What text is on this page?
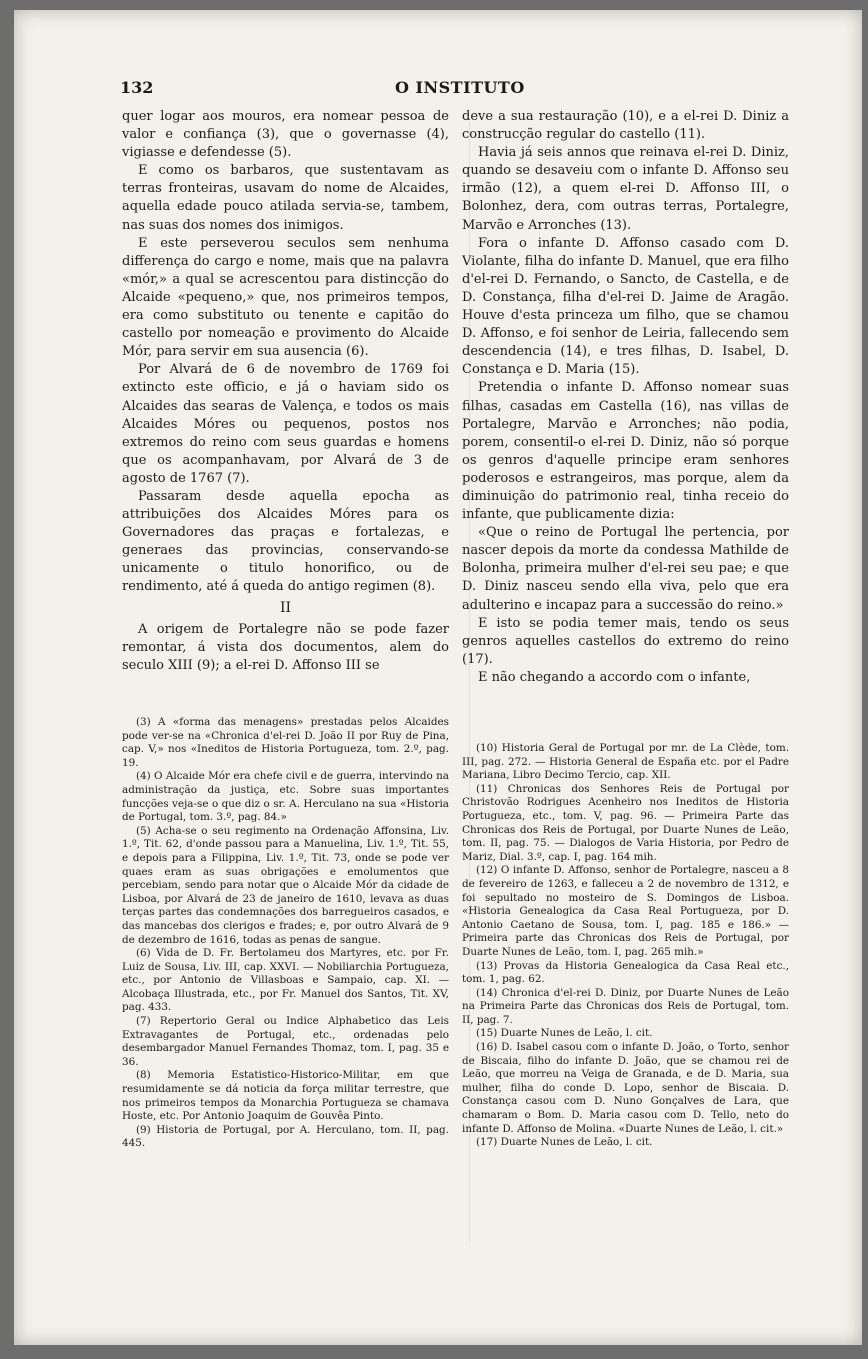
132	O INSTITUTO

quer logar aos mouros, era nomear pessoa de valor e confiança (3), que o governasse (4), vigiasse e defendesse (5).

E como os barbaros, que sustentavam as terras fronteiras, usavam do nome de Alcaides, aquella edade pouco atilada servia-se, tambem, nas suas dos nomes dos inimigos.

E este perseverou seculos sem nenhuma differença do cargo e nome, mais que na palavra «mór,» a qual se acrescentou para distincção do Alcaide «pequeno,» que, nos primeiros tempos, era como substituto ou tenente e capitão do castello por nomeação e provimento do Alcaide Mór, para servir em sua ausencia (6).

Por Alvará de 6 de novembro de 1769 foi extincto este officio, e já o haviam sido os Alcaides das searas de Valença, e todos os mais Alcaides Móres ou pequenos, postos nos extremos do reino com seus guardas e homens que os acompanhavam, por Alvará de 3 de agosto de 1767 (7).

Passaram desde aquella epocha as attribuições dos Alcaides Móres para os Governadores das praças e fortalezas, e generaes das provincias, conservando-se unicamente o titulo honorifico, ou de rendimento, até á queda do antigo regimen (8).

II

A origem de Portalegre não se pode fazer remontar, á vista dos documentos, alem do seculo XIII (9); a el-rei D. Affonso III se

deve a sua restauração (10), e a el-rei D. Diniz a construcção regular do castello (11).

Havia já seis annos que reinava el-rei D. Diniz, quando se desaveiu com o infante D. Affonso seu irmão (12), a quem el-rei D. Affonso III, o Bolonhez, dera, com outras terras, Portalegre, Marvão e Arronches (13).

Fora o infante D. Affonso casado com D. Violante, filha do infante D. Manuel, que era filho d'el-rei D. Fernando, o Sancto, de Castella, e de D. Constança, filha d'el-rei D. Jaime de Aragão. Houve d'esta princeza um filho, que se chamou D. Affonso, e foi senhor de Leiria, fallecendo sem descendencia (14), e tres filhas, D. Isabel, D. Constança e D. Maria (15).

Pretendia o infante D. Affonso nomear suas filhas, casadas em Castella (16), nas villas de Portalegre, Marvão e Arronches; não podia, porem, consentil-o el-rei D. Diniz, não só porque os genros d'aquelle principe eram senhores poderosos e estrangeiros, mas porque, alem da diminuição do patrimonio real, tinha receio do infante, que publicamente dizia:

«Que o reino de Portugal lhe pertencia, por nascer depois da morte da condessa Mathilde de Bolonha, primeira mulher d'el-rei seu pae; e que D. Diniz nasceu sendo ella viva, pelo que era adulterino e incapaz para a successão do reino.»

E isto se podia temer mais, tendo os seus genros aquelles castellos do extremo do reino (17).

E não chegando a accordo com o infante,

(3) A «forma das menagens» prestadas pelos Alcaides pode ver-se na «Chronica d'el-rei D. João II por Ruy de Pina, cap. V,» nos «Ineditos de Historia Portugueza, tom. 2.º, pag. 19.

(4) O Alcaide Mór era chefe civil e de guerra, intervindo na administração da justiça, etc. Sobre suas importantes funcções veja-se o que diz o sr. A. Herculano na sua «Historia de Portugal, tom. 3.º, pag. 84.»

(5) Acha-se o seu regimento na Ordenação Affonsina, Liv. 1.º, Tit. 62, d'onde passou para a Manuelina, Liv. 1.º, Tit. 55, e depois para a Filippina, Liv. 1.º, Tit. 73, onde se pode ver quaes eram as suas obrigações e emolumentos que percebiam, sendo para notar que o Alcaide Mór da cidade de Lisboa, por Alvará de 23 de janeiro de 1610, levava as duas terças partes das condemnações dos barregueiros casados, e das mancebas dos clerigos e frades; e, por outro Alvará de 9 de dezembro de 1616, todas as penas de sangue.

(6) Vida de D. Fr. Bertolameu dos Martyres, etc. por Fr. Luiz de Sousa, Liv. III, cap. XXVI. — Nobiliarchia Portugueza, etc., por Antonio de Villasboas e Sampaio, cap. XI. — Alcobaça Illustrada, etc., por Fr. Manuel dos Santos, Tit. XV, pag. 433.

(7) Repertorio Geral ou Indice Alphabetico das Leis Extravagantes de Portugal, etc., ordenadas pelo desembargador Manuel Fernandes Thomaz, tom. I, pag. 35 e 36.

(8) Memoria Estatistico-Historico-Militar, em que resumidamente se dá noticia da força militar terrestre, que nos primeiros tempos da Monarchia Portugueza se chamava Hoste, etc. Por Antonio Joaquim de Gouvêa Pinto.

(9) Historia de Portugal, por A. Herculano, tom. II, pag. 445.

(10) Historia Geral de Portugal por mr. de La Clède, tom. III, pag. 272. — Historia General de España etc. por el Padre Mariana, Libro Decimo Tercio, cap. XII.

(11) Chronicas dos Senhores Reis de Portugal por Christovão Rodrigues Acenheiro nos Ineditos de Historia Portugueza, etc., tom. V, pag. 96. — Primeira Parte das Chronicas dos Reis de Portugal, por Duarte Nunes de Leão, tom. II, pag. 75. — Dialogos de Varia Historia, por Pedro de Mariz, Dial. 3.º, cap. I, pag. 164 mih.

(12) O infante D. Affonso, senhor de Portalegre, nasceu a 8 de fevereiro de 1263, e falleceu a 2 de novembro de 1312, e foi sepultado no mosteiro de S. Domingos de Lisboa. «Historia Genealogica da Casa Real Portugueza, por D. Antonio Caetano de Sousa, tom. I, pag. 185 e 186.» — Primeira parte das Chronicas dos Reis de Portugal, por Duarte Nunes de Leão, tom. I, pag. 265 mih.»

(13) Provas da Historia Genealogica da Casa Real etc., tom. 1, pag. 62.

(14) Chronica d'el-rei D. Diniz, por Duarte Nunes de Leão na Primeira Parte das Chronicas dos Reis de Portugal, tom. II, pag. 7.

(15) Duarte Nunes de Leão, l. cit.

(16) D. Isabel casou com o infante D. João, o Torto, senhor de Biscaia, filho do infante D. João, que se chamou rei de Leão, que morreu na Veiga de Granada, e de D. Maria, sua mulher, filha do conde D. Lopo, senhor de Biscaia. D. Constança casou com D. Nuno Gonçalves de Lara, que chamaram o Bom. D. Maria casou com D. Tello, neto do infante D. Affonso de Molina. «Duarte Nunes de Leão, l. cit.»

(17) Duarte Nunes de Leão, l. cit.
